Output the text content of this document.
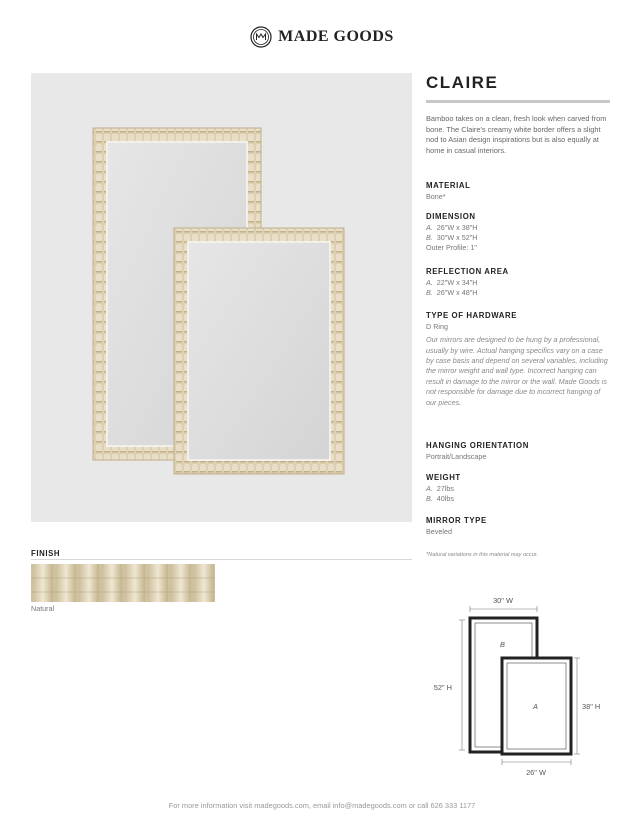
MADE GOODS
CLAIRE
Bamboo takes on a clean, fresh look when carved from bone. The Claire's creamy white border offers a slight nod to Asian design inspirations but is also equally at home in casual interiors.
MATERIAL
Bone*
DIMENSION
A. 26"W x 38"H
B. 30"W x 52"H
Outer Profile: 1"
REFLECTION AREA
A. 22"W x 34"H
B. 26"W x 48"H
TYPE OF HARDWARE
D Ring
Our mirrors are designed to be hung by a professional, usually by wire. Actual hanging specifics vary on a case by case basis and depend on several variables, including the mirror weight and wall type. Incorrect hanging can result in damage to the mirror or the wall. Made Goods is not responsible for damage due to incorrect hanging of our pieces.
HANGING ORIENTATION
Portrait/Landscape
WEIGHT
A. 27lbs
B. 40lbs
MIRROR TYPE
Beveled
*Natural variations in this material may occur.
FINISH
Natural
30" W
52" H
B
A	38" H
26" W
For more information visit madegoods.com, email info@madegoods.com or call 626 333 1177
